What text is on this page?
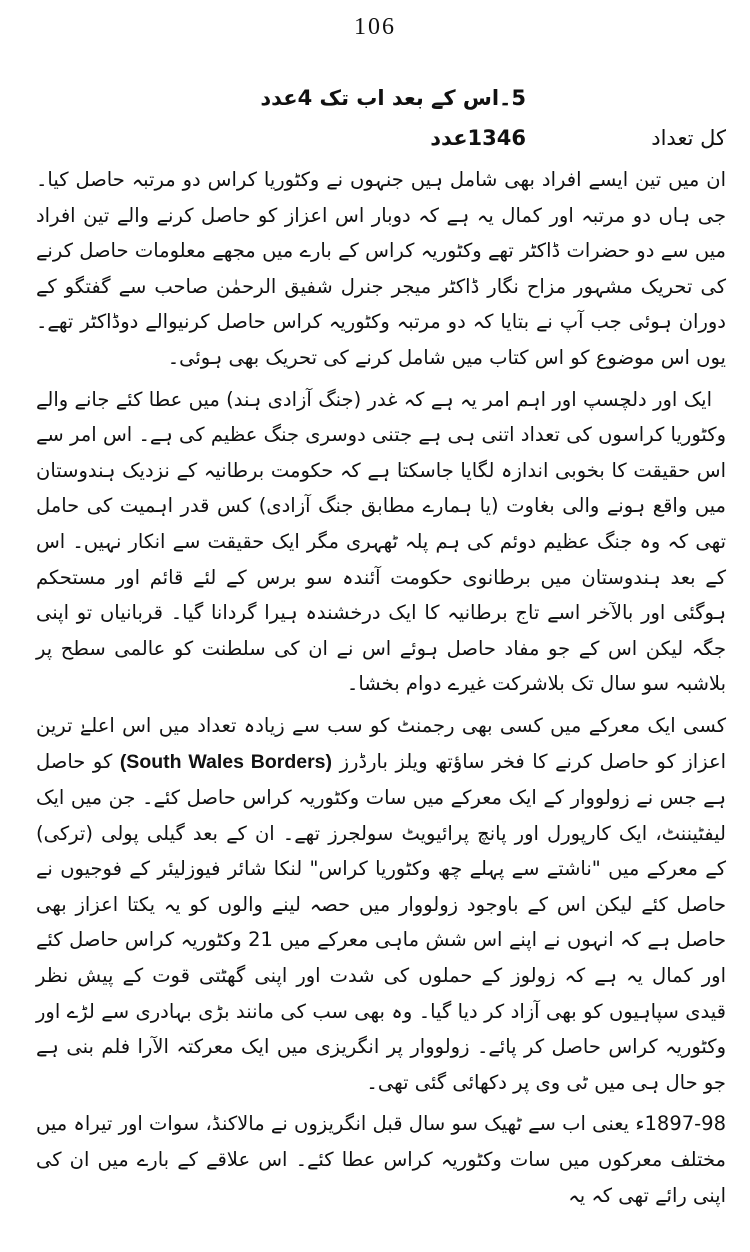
106
5۔اس کے بعد اب تک 4عدد
کل تعداد1346عدد

ان میں تین ایسے افراد بھی شامل ہیں جنہوں نے وکٹوریا کراس دو مرتبہ حاصل کیا۔ جی ہاں دو مرتبہ اور کمال یہ ہے کہ دوبار اس اعزاز کو حاصل کرنے والے تین افراد میں سے دو حضرات ڈاکٹر تھے وکٹوریہ کراس کے بارے میں مجھے معلومات حاصل کرنے کی تحریک مشہور مزاح نگار ڈاکٹر میجر جنرل شفیق الرحمٰن صاحب سے گفتگو کے دوران ہوئی جب آپ نے بتایا کہ دو مرتبہ وکٹوریہ کراس حاصل کرنیوالے دوڈاکٹر تھے۔ یوں اس موضوع کو اس کتاب میں شامل کرنے کی تحریک بھی ہوئی۔

ایک اور دلچسپ اور اہم امر یہ ہے کہ غدر (جنگ آزادی ہند) میں عطا کئے جانے والے وکٹوریا کراسوں کی تعداد اتنی ہی ہے جتنی دوسری جنگ عظیم کی ہے۔ اس امر سے اس حقیقت کا بخوبی اندازہ لگایا جاسکتا ہے کہ حکومت برطانیہ کے نزدیک ہندوستان میں واقع ہونے والی بغاوت (یا ہمارے مطابق جنگ آزادی) کس قدر اہمیت کی حامل تھی کہ وہ جنگ عظیم دوئم کی ہم پلہ ٹھہری مگر ایک حقیقت سے انکار نہیں۔ اس کے بعد ہندوستان میں برطانوی حکومت آئندہ سو برس کے لئے قائم اور مستحکم ہوگئی اور بالآخر اسے تاج برطانیہ کا ایک درخشندہ ہیرا گردانا گیا۔ قربانیاں تو اپنی جگہ لیکن اس کے جو مفاد حاصل ہوئے اس نے ان کی سلطنت کو عالمی سطح پر بلاشبہ سو سال تک بلاشرکت غیرے دوام بخشا۔

کسی ایک معرکے میں کسی بھی رجمنٹ کو سب سے زیادہ تعداد میں اس اعلےٰ ترین اعزاز کو حاصل کرنے کا فخر ساؤتھ ویلز بارڈرز (South Wales Borders) کو حاصل ہے جس نے زولووار کے ایک معرکے میں سات وکٹوریہ کراس حاصل کئے۔ جن میں ایک لیفٹیننٹ، ایک کارپورل اور پانچ پرائیویٹ سولجرز تھے۔ ان کے بعد گیلی پولی (ترکی) کے معرکے میں "ناشتے سے پہلے چھ وکٹوریا کراس" لنکا شائر فیوزلیئر کے فوجیوں نے حاصل کئے لیکن اس کے باوجود زولووار میں حصہ لینے والوں کو یہ یکتا اعزاز بھی حاصل ہے کہ انہوں نے اپنے اس شش ماہی معرکے میں 21 وکٹوریہ کراس حاصل کئے اور کمال یہ ہے کہ زولوز کے حملوں کی شدت اور اپنی گھٹتی قوت کے پیش نظر قیدی سپاہیوں کو بھی آزاد کر دیا گیا۔ وہ بھی سب کی مانند بڑی بہادری سے لڑے اور وکٹوریہ کراس حاصل کر پائے۔ زولووار پر انگریزی میں ایک معرکتہ الآرا فلم بنی ہے جو حال ہی میں ٹی وی پر دکھائی گئی تھی۔

1897-98ء یعنی اب سے ٹھیک سو سال قبل انگریزوں نے مالاکنڈ، سوات اور تیراہ میں مختلف معرکوں میں سات وکٹوریہ کراس عطا کئے۔ اس علاقے کے بارے میں ان کی اپنی رائے تھی کہ یہ
